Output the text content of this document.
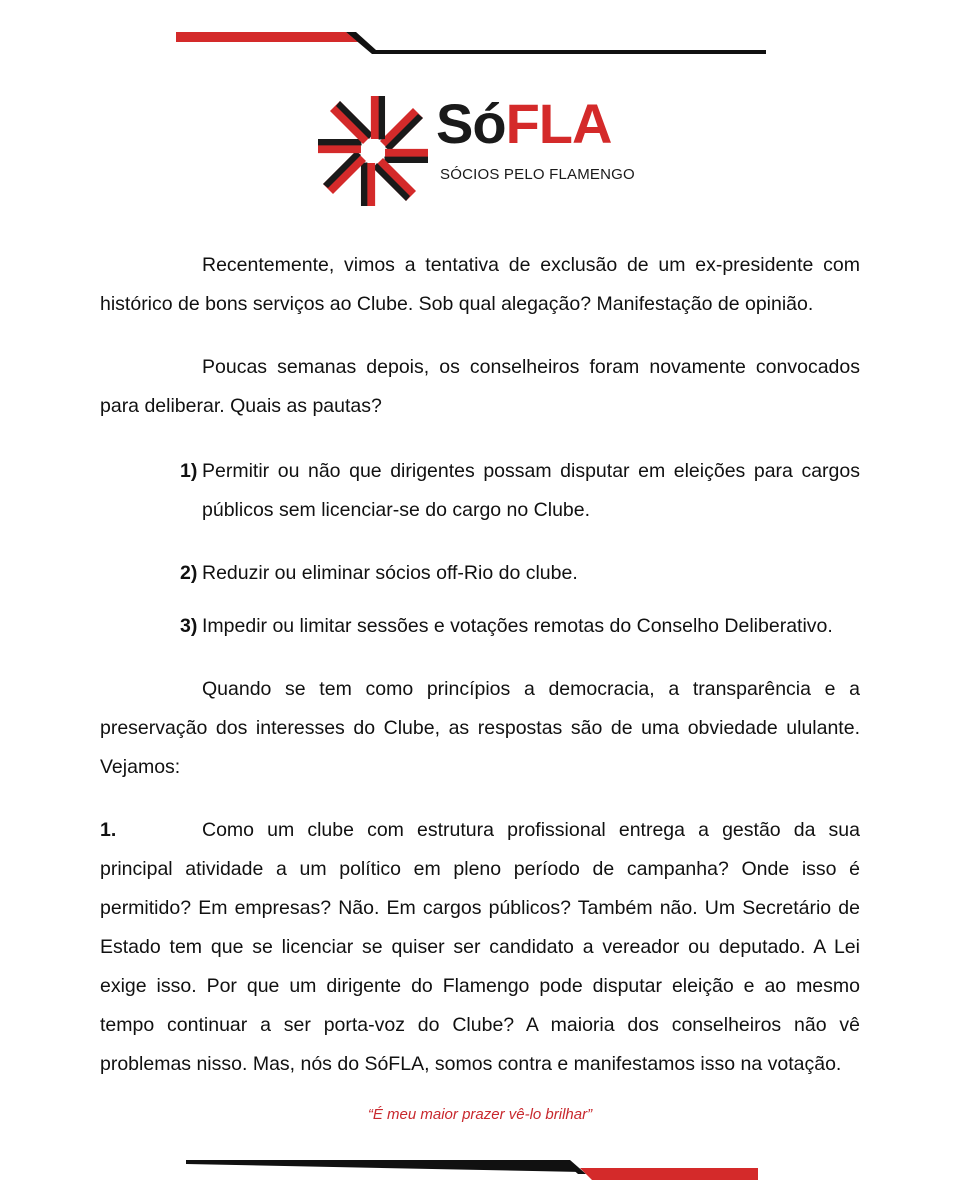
SóFLA
SÓCIOS PELO FLAMENGO

Recentemente, vimos a tentativa de exclusão de um ex-presidente com histórico de bons serviços ao Clube. Sob qual alegação? Manifestação de opinião.

Poucas semanas depois, os conselheiros foram novamente convocados para deliberar. Quais as pautas?

1) Permitir ou não que dirigentes possam disputar em eleições para cargos públicos sem licenciar-se do cargo no Clube.
2) Reduzir ou eliminar sócios off-Rio do clube.
3) Impedir ou limitar sessões e votações remotas do Conselho Deliberativo.

Quando se tem como princípios a democracia, a transparência e a preservação dos interesses do Clube, as respostas são de uma obviedade ululante. Vejamos:

1.	Como um clube com estrutura profissional entrega a gestão da sua principal atividade a um político em pleno período de campanha? Onde isso é permitido? Em empresas? Não. Em cargos públicos? Também não. Um Secretário de Estado tem que se licenciar se quiser ser candidato a vereador ou deputado. A Lei exige isso. Por que um dirigente do Flamengo pode disputar eleição e ao mesmo tempo continuar a ser porta-voz do Clube? A maioria dos conselheiros não vê problemas nisso. Mas, nós do SóFLA, somos contra e manifestamos isso na votação.

“É meu maior prazer vê-lo brilhar”
